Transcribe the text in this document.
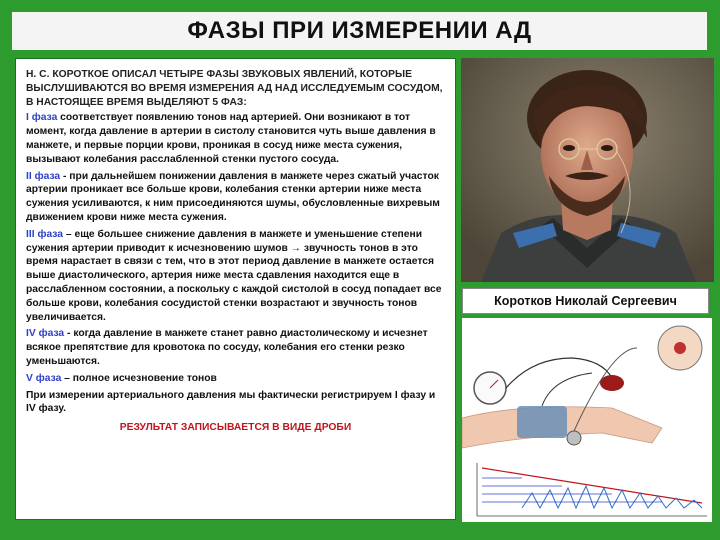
ФАЗЫ ПРИ ИЗМЕРЕНИИ АД

Н. С. КОРОТКОЕ ОПИСАЛ ЧЕТЫРЕ ФАЗЫ ЗВУКОВЫХ ЯВЛЕНИЙ, КОТОРЫЕ ВЫСЛУШИВАЮТСЯ ВО ВРЕМЯ ИЗМЕРЕНИЯ АД НАД ИССЛЕДУЕМЫМ СОСУДОМ, В НАСТОЯЩЕЕ ВРЕМЯ ВЫДЕЛЯЮТ 5 ФАЗ:

I фаза соответствует появлению тонов над артерией. Они возникают в тот момент, когда давление в артерии в систолу становится чуть выше давления в манжете, и первые порции крови, проникая в сосуд ниже места сужения, вызывают колебания расслабленной стенки пустого сосуда.

II фаза - при дальнейшем понижении давления в манжете через сжатый участок артерии проникает все больше крови, колебания стенки артерии ниже места сужения усиливаются, к ним присоединяются шумы, обусловленные вихревым движением крови ниже места сужения.

III фаза – еще большее снижение давления в манжете и уменьшение степени сужения артерии приводит к исчезновению шумов → звучность тонов в это время нарастает в связи с тем, что в этот период давление в манжете остается выше диастолического, артерия ниже места сдавления находится еще в расслабленном состоянии, а поскольку с каждой систолой в сосуд попадает все больше крови, колебания сосудистой стенки возрастают и звучность тонов увеличивается.

IV фаза - когда давление в манжете станет равно диастолическому и исчезнет всякое препятствие для кровотока по сосуду, колебания его стенки резко уменьшаются.

V фаза – полное исчезновение тонов

При измерении артериального давления мы фактически регистрируем I фазу и IV фазу.

РЕЗУЛЬТАТ ЗАПИСЫВАЕТСЯ В ВИДЕ ДРОБИ
Коротков Николай Сергеевич
